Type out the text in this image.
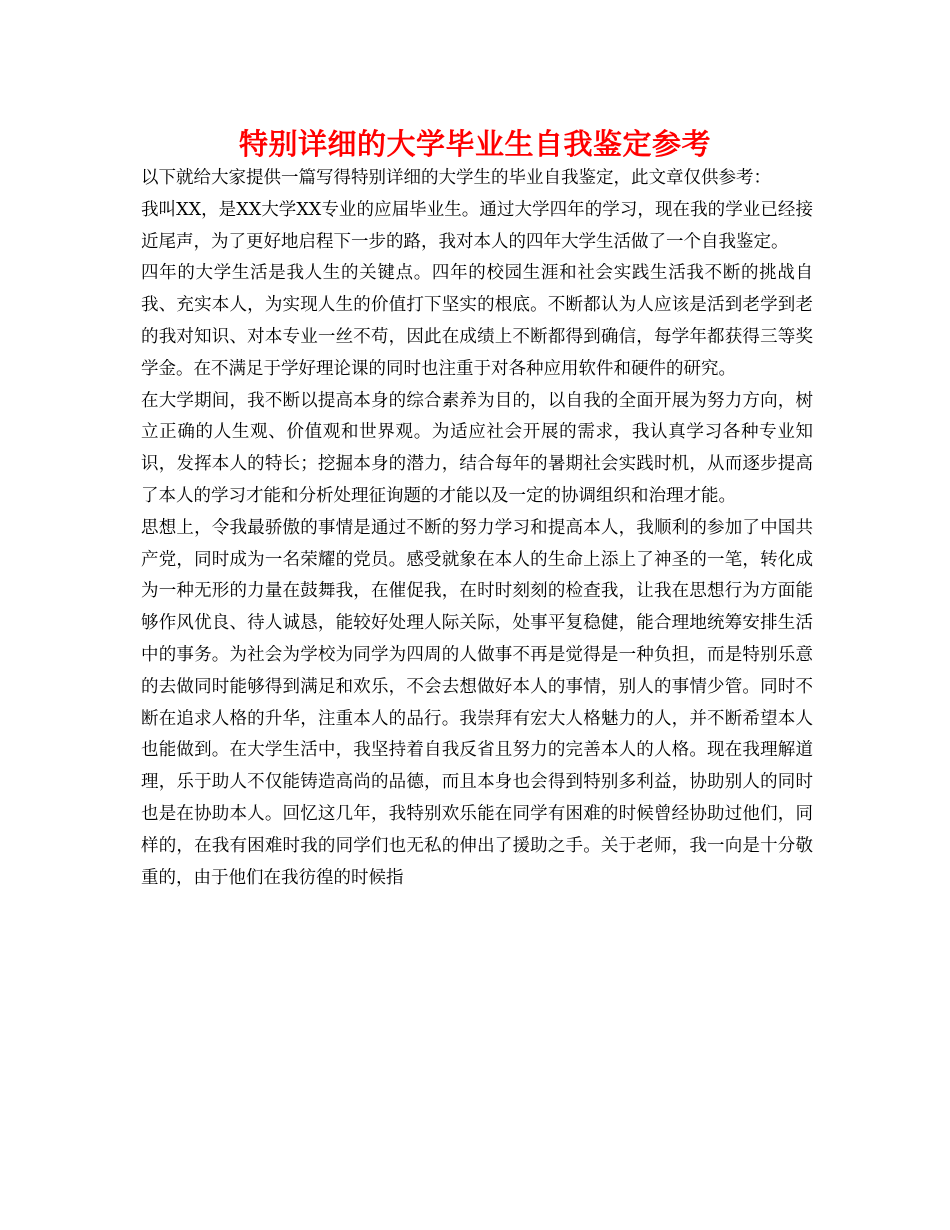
特别详细的大学毕业生自我鉴定参考

以下就给大家提供一篇写得特别详细的大学生的毕业自我鉴定，此文章仅供参考：

我叫XX，是XX大学XX专业的应届毕业生。通过大学四年的学习，现在我的学业已经接近尾声，为了更好地启程下一步的路，我对本人的四年大学生活做了一个自我鉴定。

四年的大学生活是我人生的关键点。四年的校园生涯和社会实践生活我不断的挑战自我、充实本人，为实现人生的价值打下坚实的根底。不断都认为人应该是活到老学到老的我对知识、对本专业一丝不苟，因此在成绩上不断都得到确信，每学年都获得三等奖学金。在不满足于学好理论课的同时也注重于对各种应用软件和硬件的研究。

在大学期间，我不断以提高本身的综合素养为目的，以自我的全面开展为努力方向，树立正确的人生观、价值观和世界观。为适应社会开展的需求，我认真学习各种专业知识，发挥本人的特长；挖掘本身的潜力，结合每年的暑期社会实践时机，从而逐步提高了本人的学习才能和分析处理征询题的才能以及一定的协调组织和治理才能。

思想上，令我最骄傲的事情是通过不断的努力学习和提高本人，我顺利的参加了中国共产党，同时成为一名荣耀的党员。感受就象在本人的生命上添上了神圣的一笔，转化成为一种无形的力量在鼓舞我，在催促我，在时时刻刻的检查我，让我在思想行为方面能够作风优良、待人诚恳，能较好处理人际关际，处事平复稳健，能合理地统筹安排生活中的事务。为社会为学校为同学为四周的人做事不再是觉得是一种负担，而是特别乐意的去做同时能够得到满足和欢乐，不会去想做好本人的事情，别人的事情少管。同时不断在追求人格的升华，注重本人的品行。我崇拜有宏大人格魅力的人，并不断希望本人也能做到。在大学生活中，我坚持着自我反省且努力的完善本人的人格。现在我理解道理，乐于助人不仅能铸造高尚的品德，而且本身也会得到特别多利益，协助别人的同时也是在协助本人。回忆这几年，我特别欢乐能在同学有困难的时候曾经协助过他们，同样的，在我有困难时我的同学们也无私的伸出了援助之手。关于老师，我一向是十分敬重的，由于他们在我彷徨的时候指
